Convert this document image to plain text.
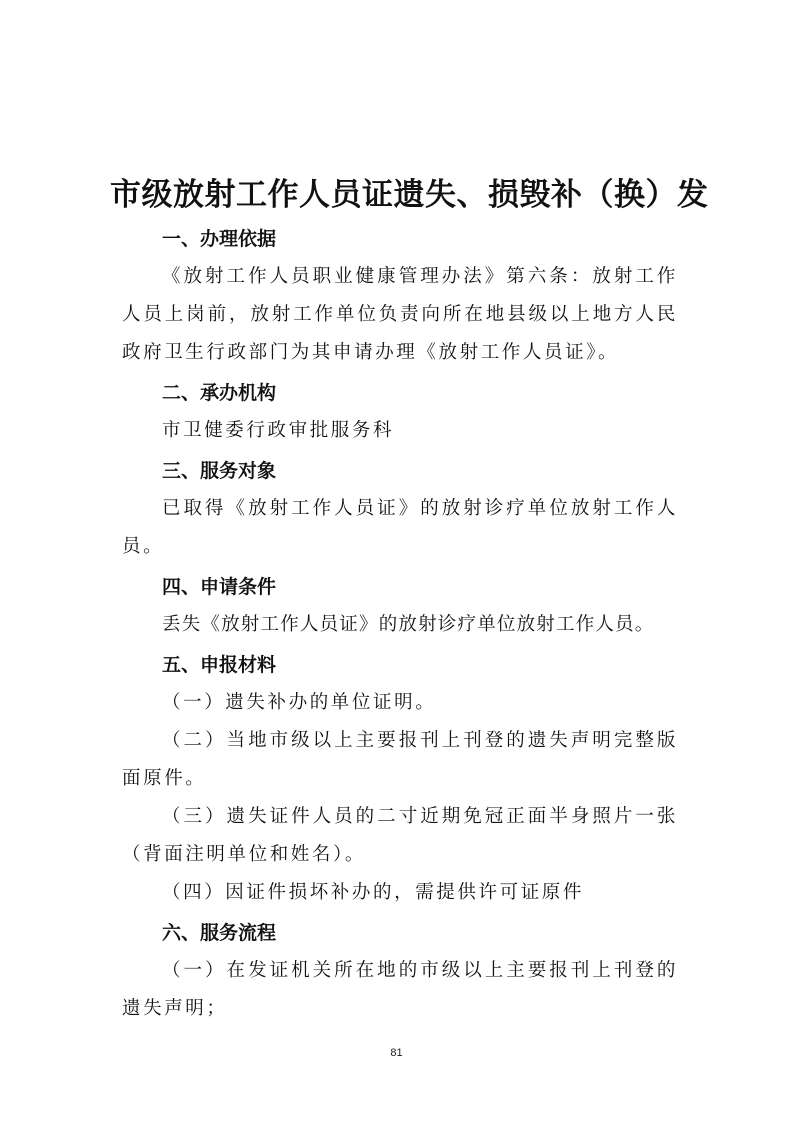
市级放射工作人员证遗失、损毁补（换）发
一、办理依据

《放射工作人员职业健康管理办法》第六条：放射工作人员上岗前，放射工作单位负责向所在地县级以上地方人民政府卫生行政部门为其申请办理《放射工作人员证》。

二、承办机构

市卫健委行政审批服务科

三、服务对象

已取得《放射工作人员证》的放射诊疗单位放射工作人员。

四、申请条件

丢失《放射工作人员证》的放射诊疗单位放射工作人员。

五、申报材料

（一）遗失补办的单位证明。

（二）当地市级以上主要报刊上刊登的遗失声明完整版面原件。

（三）遗失证件人员的二寸近期免冠正面半身照片一张（背面注明单位和姓名）。

（四）因证件损坏补办的，需提供许可证原件

六、服务流程

（一）在发证机关所在地的市级以上主要报刊上刊登的遗失声明；

81
